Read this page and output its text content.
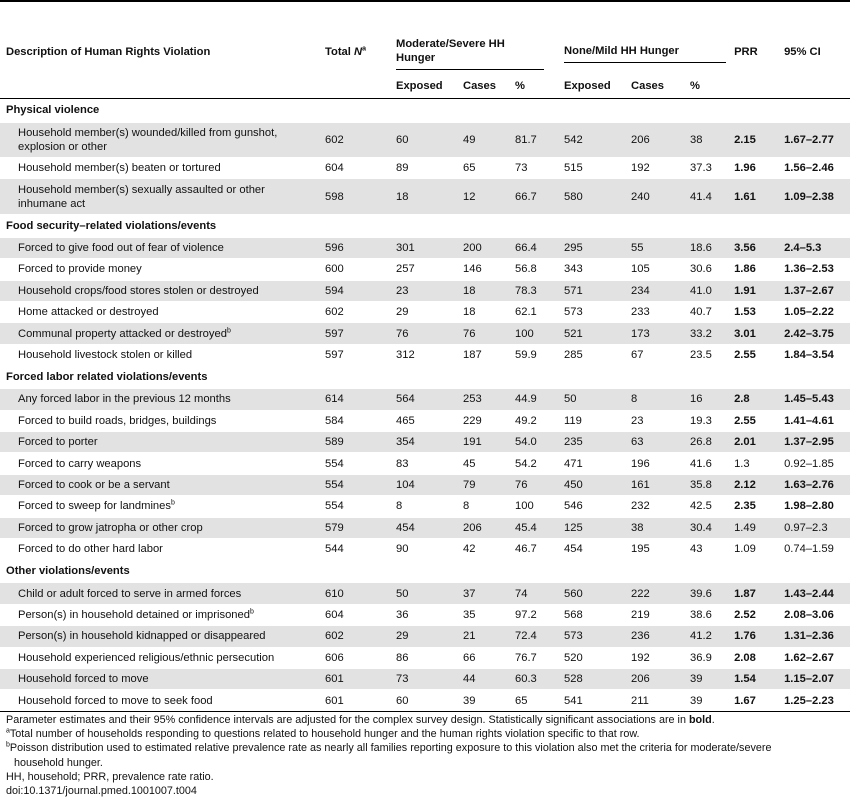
Description of Human Rights Violation	Total $N^a$	Moderate/Severe HH Hunger				None/Mild HH Hunger			PRR	95% CI
		Exposed	Cases	%		Exposed	Cases	%		
Physical violence										
Household member(s) wounded/killed from gunshot, explosion or other	602	60	49	81.7		542	206	38	2.15	1.67–2.77
Household member(s) beaten or tortured	604	89	65	73		515	192	37.3	1.96	1.56–2.46
Household member(s) sexually assaulted or other inhumane act	598	18	12	66.7		580	240	41.4	1.61	1.09–2.38
Food security–related violations/events										
Forced to give food out of fear of violence	596	301	200	66.4		295	55	18.6	3.56	2.4–5.3
Forced to provide money	600	257	146	56.8		343	105	30.6	1.86	1.36–2.53
Household crops/food stores stolen or destroyed	594	23	18	78.3		571	234	41.0	1.91	1.37–2.67
Home attacked or destroyed	602	29	18	62.1		573	233	40.7	1.53	1.05–2.22
Communal property attacked or destroyed$^b$	597	76	76	100		521	173	33.2	3.01	2.42–3.75
Household livestock stolen or killed	597	312	187	59.9		285	67	23.5	2.55	1.84–3.54
Forced labor related violations/events										
Any forced labor in the previous 12 months	614	564	253	44.9		50	8	16	2.8	1.45–5.43
Forced to build roads, bridges, buildings	584	465	229	49.2		119	23	19.3	2.55	1.41–4.61
Forced to porter	589	354	191	54.0		235	63	26.8	2.01	1.37–2.95
Forced to carry weapons	554	83	45	54.2		471	196	41.6	1.3	0.92–1.85
Forced to cook or be a servant	554	104	79	76		450	161	35.8	2.12	1.63–2.76
Forced to sweep for landmines$^b$	554	8	8	100		546	232	42.5	2.35	1.98–2.80
Forced to grow jatropha or other crop	579	454	206	45.4		125	38	30.4	1.49	0.97–2.3
Forced to do other hard labor	544	90	42	46.7		454	195	43	1.09	0.74–1.59
Other violations/events										
Child or adult forced to serve in armed forces	610	50	37	74		560	222	39.6	1.87	1.43–2.44
Person(s) in household detained or imprisoned$^b$	604	36	35	97.2		568	219	38.6	2.52	2.08–3.06
Person(s) in household kidnapped or disappeared	602	29	21	72.4		573	236	41.2	1.76	1.31–2.36
Household experienced religious/ethnic persecution	606	86	66	76.7		520	192	36.9	2.08	1.62–2.67
Household forced to move	601	73	44	60.3		528	206	39	1.54	1.15–2.07
Household forced to move to seek food	601	60	39	65		541	211	39	1.67	1.25–2.23

Parameter estimates and their 95% confidence intervals are adjusted for the complex survey design. Statistically significant associations are in bold.

$^a$Total number of households responding to questions related to household hunger and the human rights violation specific to that row.

$^b$Poisson distribution used to estimated relative prevalence rate as nearly all families reporting exposure to this violation also met the criteria for moderate/severe

household hunger.

HH, household; PRR, prevalence rate ratio.

doi:10.1371/journal.pmed.1001007.t004
